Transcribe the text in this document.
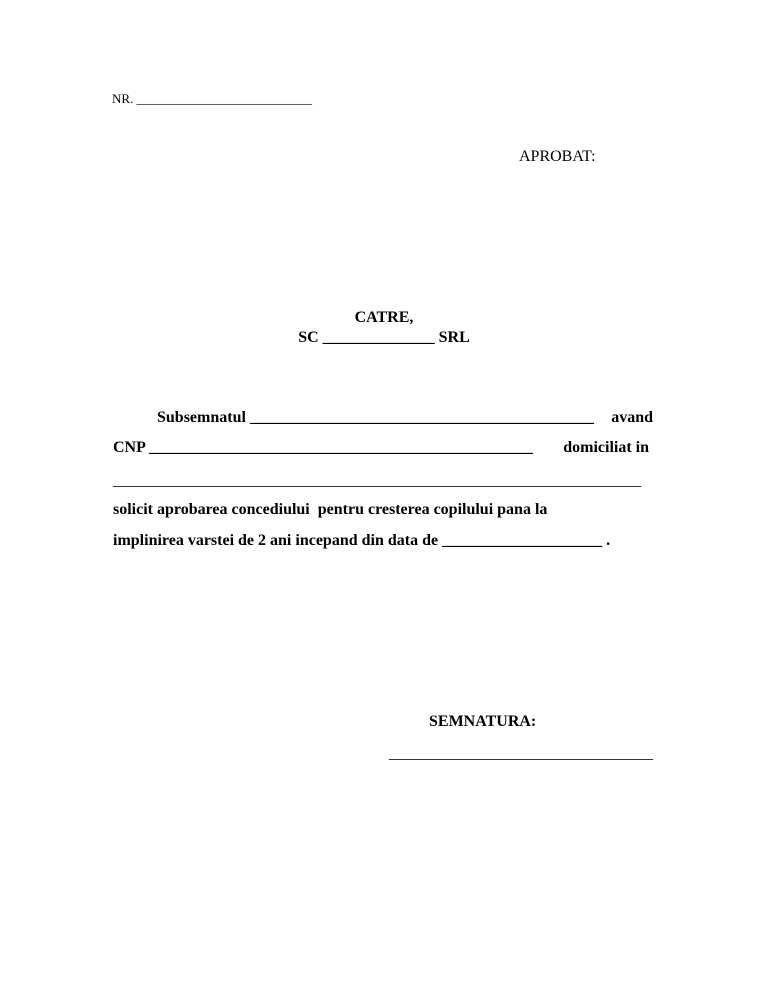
NR. ___________________________
APROBAT:
CATRE,
SC ______________ SRL
Subsemnatul ___________________________________________ avand
CNP ________________________________________________ domiciliat in
__________________________________________________________________
solicit aprobarea concediului  pentru cresterea copilului pana la
implinirea varstei de 2 ani incepand din data de ____________________ .
SEMNATURA:
_________________________________
